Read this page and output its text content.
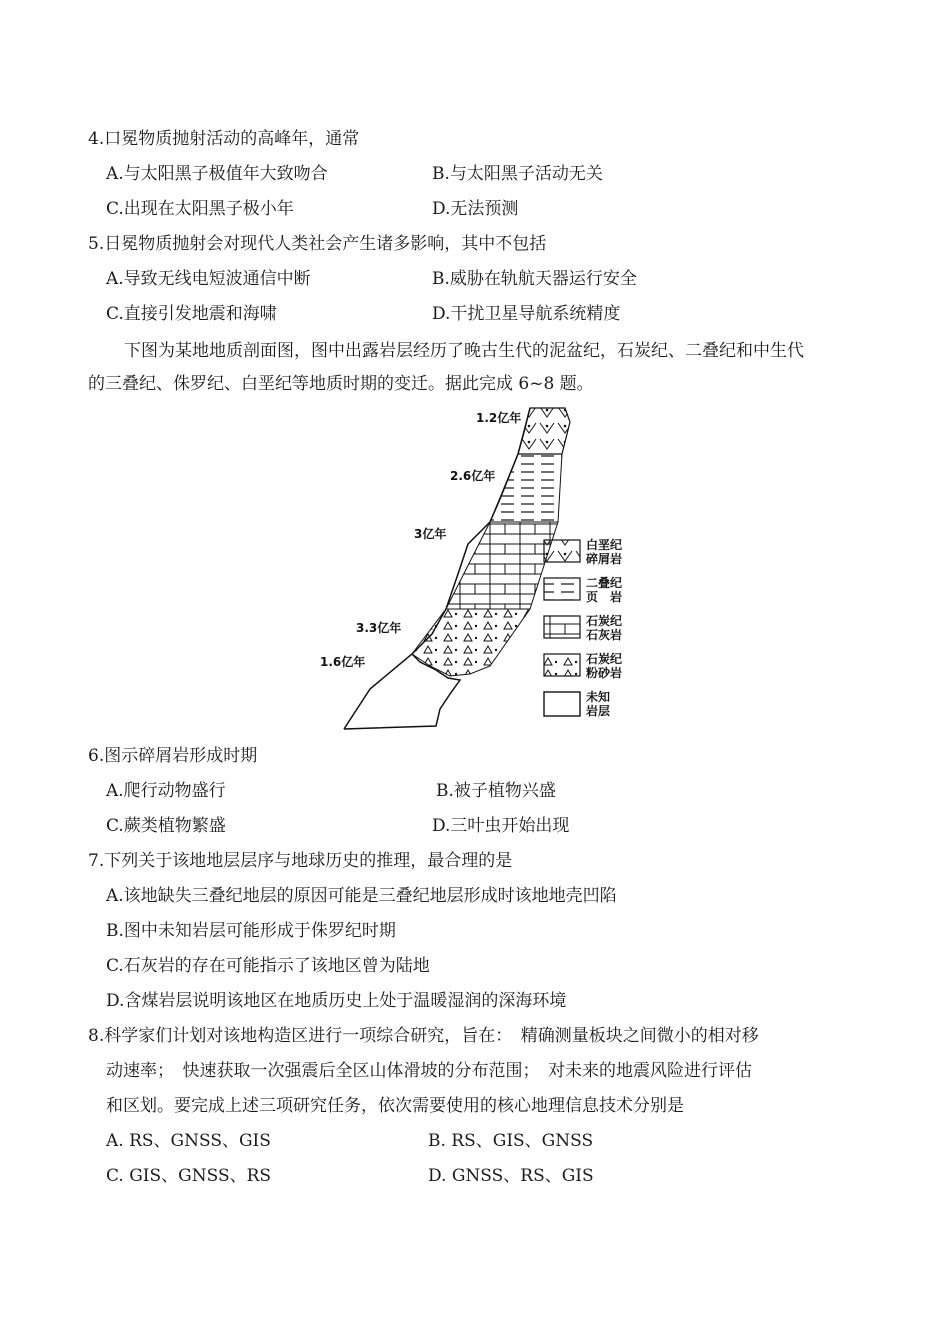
4.口冕物质抛射活动的高峰年，通常
A.与太阳黑子极值年大致吻合	B.与太阳黑子活动无关
C.出现在太阳黑子极小年	D.无法预测
5.日冕物质抛射会对现代人类社会产生诸多影响，其中不包括
A.导致无线电短波通信中断	B.威胁在轨航天器运行安全
C.直接引发地震和海啸	D.干扰卫星导航系统精度
下图为某地地质剖面图，图中出露岩层经历了晚古生代的泥盆纪，石炭纪、二叠纪和中生代
的三叠纪、侏罗纪、白垩纪等地质时期的变迁。据此完成 6~8 题。
1.2亿年
2.6亿年
3亿年
3.3亿年
1.6亿年
白垩纪
碎屑岩
二叠纪
页　岩
石炭纪
石灰岩
石炭纪
粉砂岩
未知
岩层
6.图示碎屑岩形成时期
A.爬行动物盛行	B.被子植物兴盛
C.蕨类植物繁盛	D.三叶虫开始出现
7.下列关于该地地层层序与地球历史的推理，最合理的是
A.该地缺失三叠纪地层的原因可能是三叠纪地层形成时该地地壳凹陷
B.图中未知岩层可能形成于侏罗纪时期
C.石灰岩的存在可能指示了该地区曾为陆地
D.含煤岩层说明该地区在地质历史上处于温暖湿润的深海环境
8.科学家们计划对该地构造区进行一项综合研究，旨在：　精确测量板块之间微小的相对移
动速率；　快速获取一次强震后全区山体滑坡的分布范围；　对未来的地震风险进行评估
和区划。要完成上述三项研究任务，依次需要使用的核心地理信息技术分别是
A. RS、GNSS、GIS	B. RS、GIS、GNSS
C. GIS、GNSS、RS	D. GNSS、RS、GIS
